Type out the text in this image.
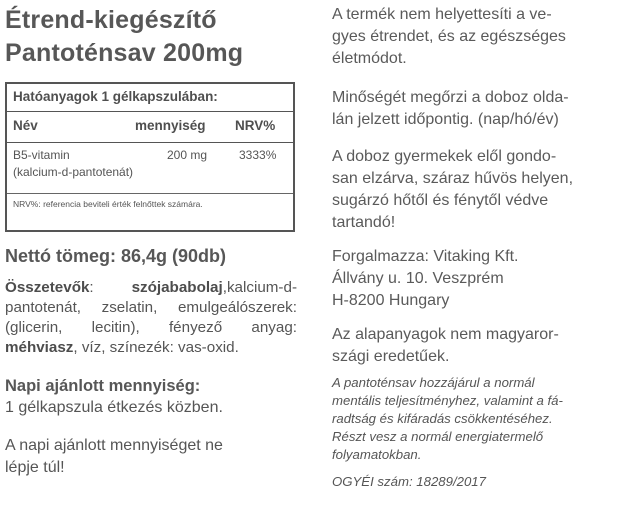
Étrend-kiegészítő
Pantoténsav 200mg
Hatóanyagok 1 gélkapszulában:
Név	mennyiség NRV%
B5-vitamin
(kalcium-d-pantotenát)
200 mg	3333%
NRV%: referencia beviteli érték felnőttek számára.
Nettó tömeg: 86,4g (90db)
Összetevők: szójababolaj,kalcium-d-pantotenát, zselatin, emulgeálószerek: (glicerin, lecitin), fényező anyag: méhviasz, víz, színezék: vas-oxid.
Napi ajánlott mennyiség:
1 gélkapszula étkezés közben.
A napi ajánlott mennyiséget ne
lépje túl!
A termék nem helyettesíti a ve-
gyes étrendet, és az egészséges
életmódot.
Minőségét megőrzi a doboz olda-
lán jelzett időpontig. (nap/hó/év)
A doboz gyermekek elől gondo-
san elzárva, száraz hűvös helyen,
sugárzó hőtől és fénytől védve
tartandó!
Forgalmazza: Vitaking Kft.
Állvány u. 10. Veszprém
H-8200 Hungary
Az alapanyagok nem magyaror-
szági eredetűek.
A pantoténsav hozzájárul a normál
mentális teljesítményhez, valamint a fá-
radtság és kifáradás csökkentéséhez.
Részt vesz a normál energiatermelő
folyamatokban.
OGYÉI szám: 18289/2017
